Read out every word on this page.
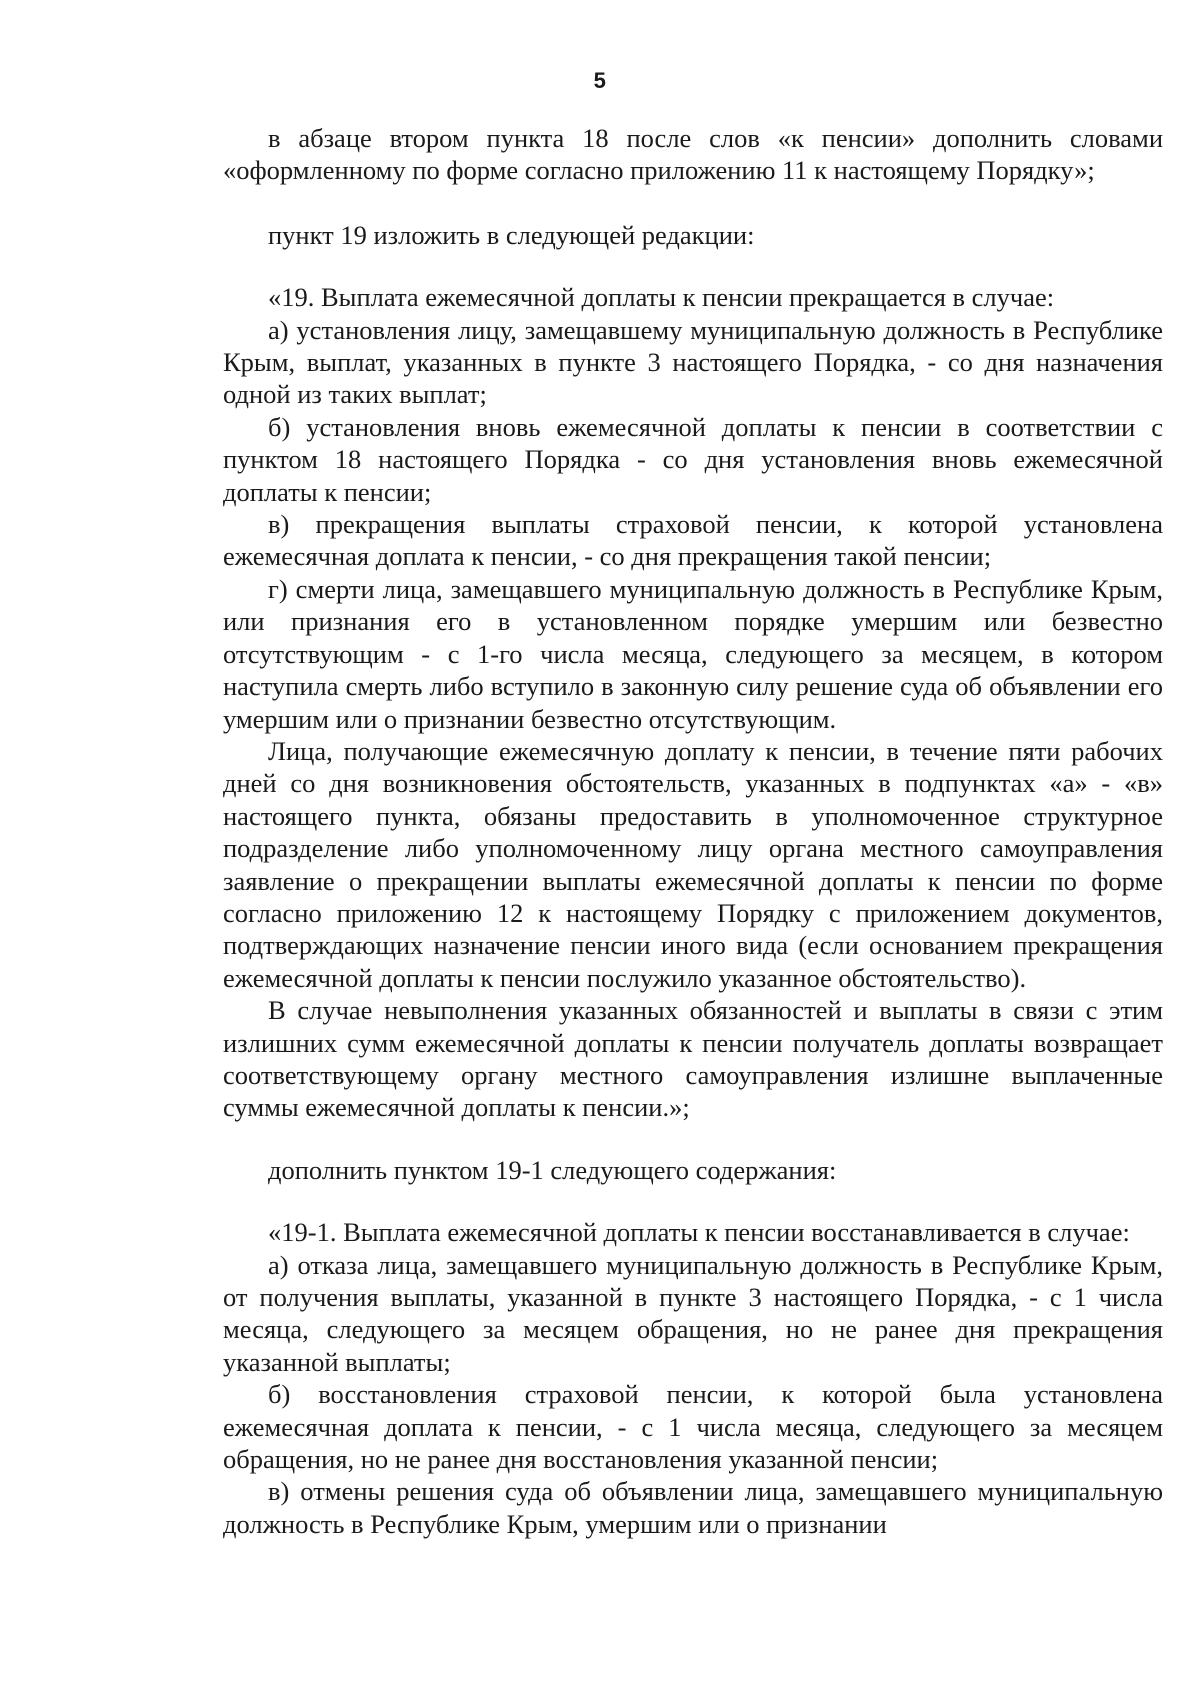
5

в абзаце втором пункта 18 после слов «к пенсии» дополнить словами «оформленному по форме согласно приложению 11 к настоящему Порядку»;

пункт 19 изложить в следующей редакции:

«19. Выплата ежемесячной доплаты к пенсии прекращается в случае:

а) установления лицу, замещавшему муниципальную должность в Республике Крым, выплат, указанных в пункте 3 настоящего Порядка, - со дня назначения одной из таких выплат;

б) установления вновь ежемесячной доплаты к пенсии в соответствии с пунктом 18 настоящего Порядка - со дня установления вновь ежемесячной доплаты к пенсии;

в) прекращения выплаты страховой пенсии, к которой установлена ежемесячная доплата к пенсии, - со дня прекращения такой пенсии;

г) смерти лица, замещавшего муниципальную должность в Республике Крым, или признания его в установленном порядке умершим или безвестно отсутствующим - с 1-го числа месяца, следующего за месяцем, в котором наступила смерть либо вступило в законную силу решение суда об объявлении его умершим или о признании безвестно отсутствующим.

Лица, получающие ежемесячную доплату к пенсии, в течение пяти рабочих дней со дня возникновения обстоятельств, указанных в подпунктах «а» - «в» настоящего пункта, обязаны предоставить в уполномоченное структурное подразделение либо уполномоченному лицу органа местного самоуправления заявление о прекращении выплаты ежемесячной доплаты к пенсии по форме согласно приложению 12 к настоящему Порядку с приложением документов, подтверждающих назначение пенсии иного вида (если основанием прекращения ежемесячной доплаты к пенсии послужило указанное обстоятельство).

В случае невыполнения указанных обязанностей и выплаты в связи с этим излишних сумм ежемесячной доплаты к пенсии получатель доплаты возвращает соответствующему органу местного самоуправления излишне выплаченные суммы ежемесячной доплаты к пенсии.»;

дополнить пунктом 19-1 следующего содержания:

«19-1. Выплата ежемесячной доплаты к пенсии восстанавливается в случае:

а) отказа лица, замещавшего муниципальную должность в Республике Крым, от получения выплаты, указанной в пункте 3 настоящего Порядка, - с 1 числа месяца, следующего за месяцем обращения, но не ранее дня прекращения указанной выплаты;

б) восстановления страховой пенсии, к которой была установлена ежемесячная доплата к пенсии, - с 1 числа месяца, следующего за месяцем обращения, но не ранее дня восстановления указанной пенсии;

в) отмены решения суда об объявлении лица, замещавшего муниципальную должность в Республике Крым, умершим или о признании
